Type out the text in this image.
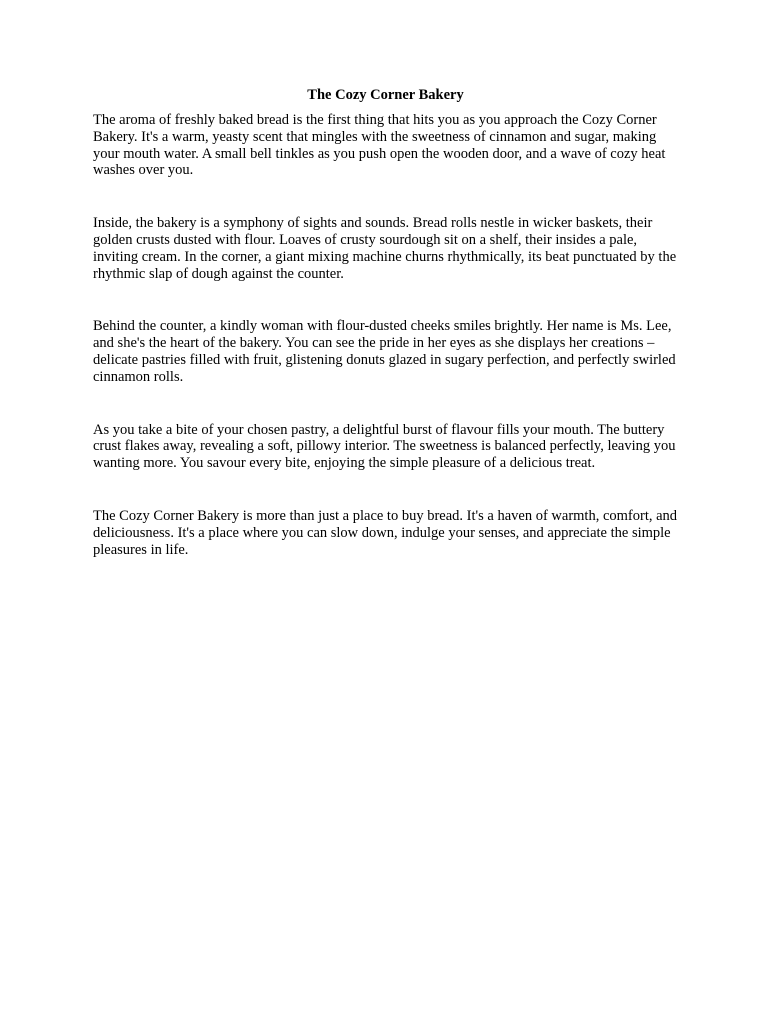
The Cozy Corner Bakery

The aroma of freshly baked bread is the first thing that hits you as you approach the Cozy Corner Bakery. It's a warm, yeasty scent that mingles with the sweetness of cinnamon and sugar, making your mouth water. A small bell tinkles as you push open the wooden door, and a wave of cozy heat washes over you.

Inside, the bakery is a symphony of sights and sounds. Bread rolls nestle in wicker baskets, their golden crusts dusted with flour. Loaves of crusty sourdough sit on a shelf, their insides a pale, inviting cream. In the corner, a giant mixing machine churns rhythmically, its beat punctuated by the rhythmic slap of dough against the counter.

Behind the counter, a kindly woman with flour-dusted cheeks smiles brightly. Her name is Ms. Lee, and she's the heart of the bakery. You can see the pride in her eyes as she displays her creations – delicate pastries filled with fruit, glistening donuts glazed in sugary perfection, and perfectly swirled cinnamon rolls.

As you take a bite of your chosen pastry, a delightful burst of flavour fills your mouth. The buttery crust flakes away, revealing a soft, pillowy interior. The sweetness is balanced perfectly, leaving you wanting more. You savour every bite, enjoying the simple pleasure of a delicious treat.

The Cozy Corner Bakery is more than just a place to buy bread. It's a haven of warmth, comfort, and deliciousness. It's a place where you can slow down, indulge your senses, and appreciate the simple pleasures in life.
